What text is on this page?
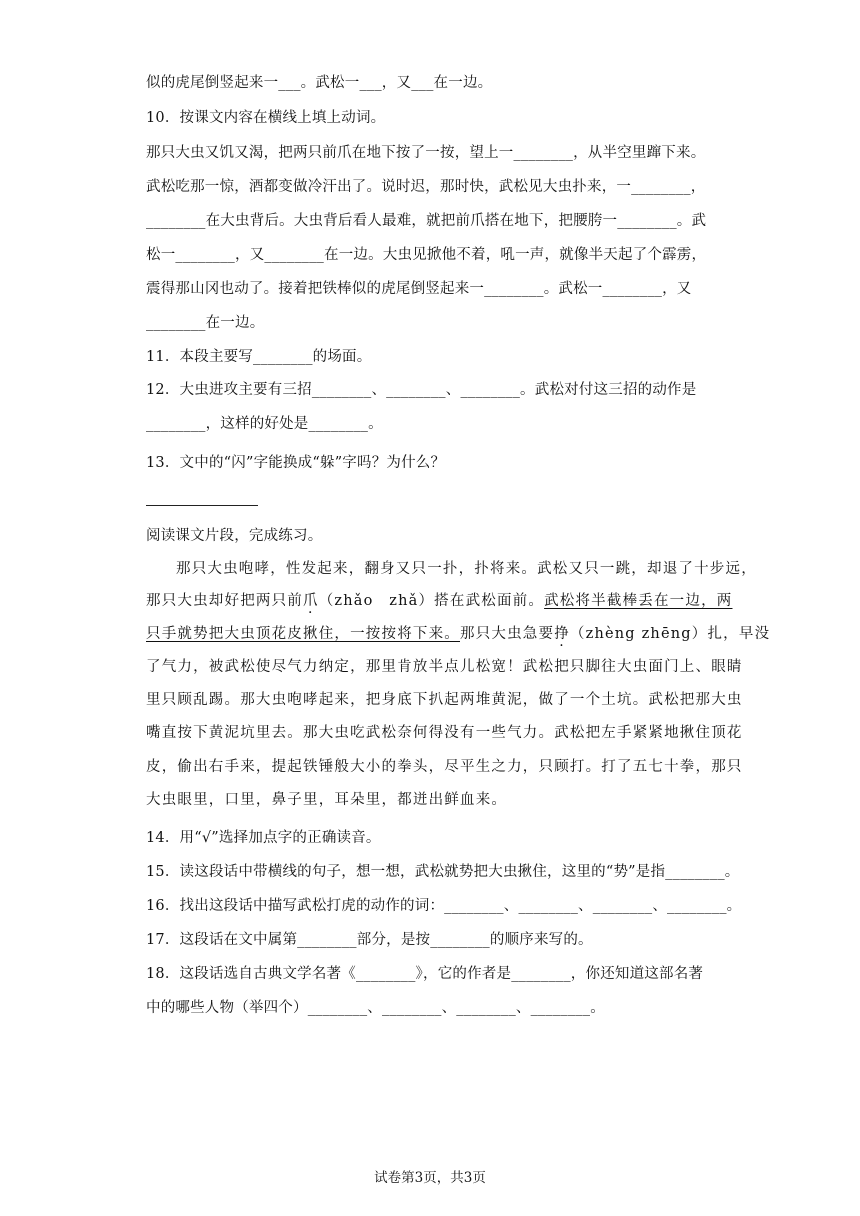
似的虎尾倒竖起来一___。武松一___，又___在一边。
10．按课文内容在横线上填上动词。
那只大虫又饥又渴，把两只前爪在地下按了一按，望上一________，从半空里蹿下来。
武松吃那一惊，酒都变做冷汗出了。说时迟，那时快，武松见大虫扑来，一________，
________在大虫背后。大虫背后看人最难，就把前爪搭在地下，把腰胯一________。武
松一________，又________在一边。大虫见掀他不着，吼一声，就像半天起了个霹雳，
震得那山冈也动了。接着把铁棒似的虎尾倒竖起来一________。武松一________，又
________在一边。
11．本段主要写________的场面。
12．大虫进攻主要有三招________、________、________。武松对付这三招的动作是
________，这样的好处是________。
13．文中的“闪”字能换成“躲”字吗？为什么？
阅读课文片段，完成练习。
那只大虫咆哮，性发起来，翻身又只一扑，扑将来。武松又只一跳，却退了十步远，
那只大虫却好把两只前爪（zhǎo　zhǎ）搭在武松面前。武松将半截棒丢在一边，两
只手就势把大虫顶花皮揪住，一按按将下来。那只大虫急要挣（zhèng zhēng）扎，早没
了气力，被武松使尽气力纳定，那里肯放半点儿松宽！武松把只脚往大虫面门上、眼睛
里只顾乱踢。那大虫咆哮起来，把身底下扒起两堆黄泥，做了一个土坑。武松把那大虫
嘴直按下黄泥坑里去。那大虫吃武松奈何得没有一些气力。武松把左手紧紧地揪住顶花
皮，偷出右手来，提起铁锤般大小的拳头，尽平生之力，只顾打。打了五七十拳，那只
大虫眼里，口里，鼻子里，耳朵里，都迸出鲜血来。
14．用“√”选择加点字的正确读音。
15．读这段话中带横线的句子，想一想，武松就势把大虫揪住，这里的“势”是指________。
16．找出这段话中描写武松打虎的动作的词：________、________、________、________。
17．这段话在文中属第________部分，是按________的顺序来写的。
18．这段话选自古典文学名著《________》，它的作者是________，你还知道这部名著
中的哪些人物（举四个）________、________、________、________。
试卷第3页，共3页
